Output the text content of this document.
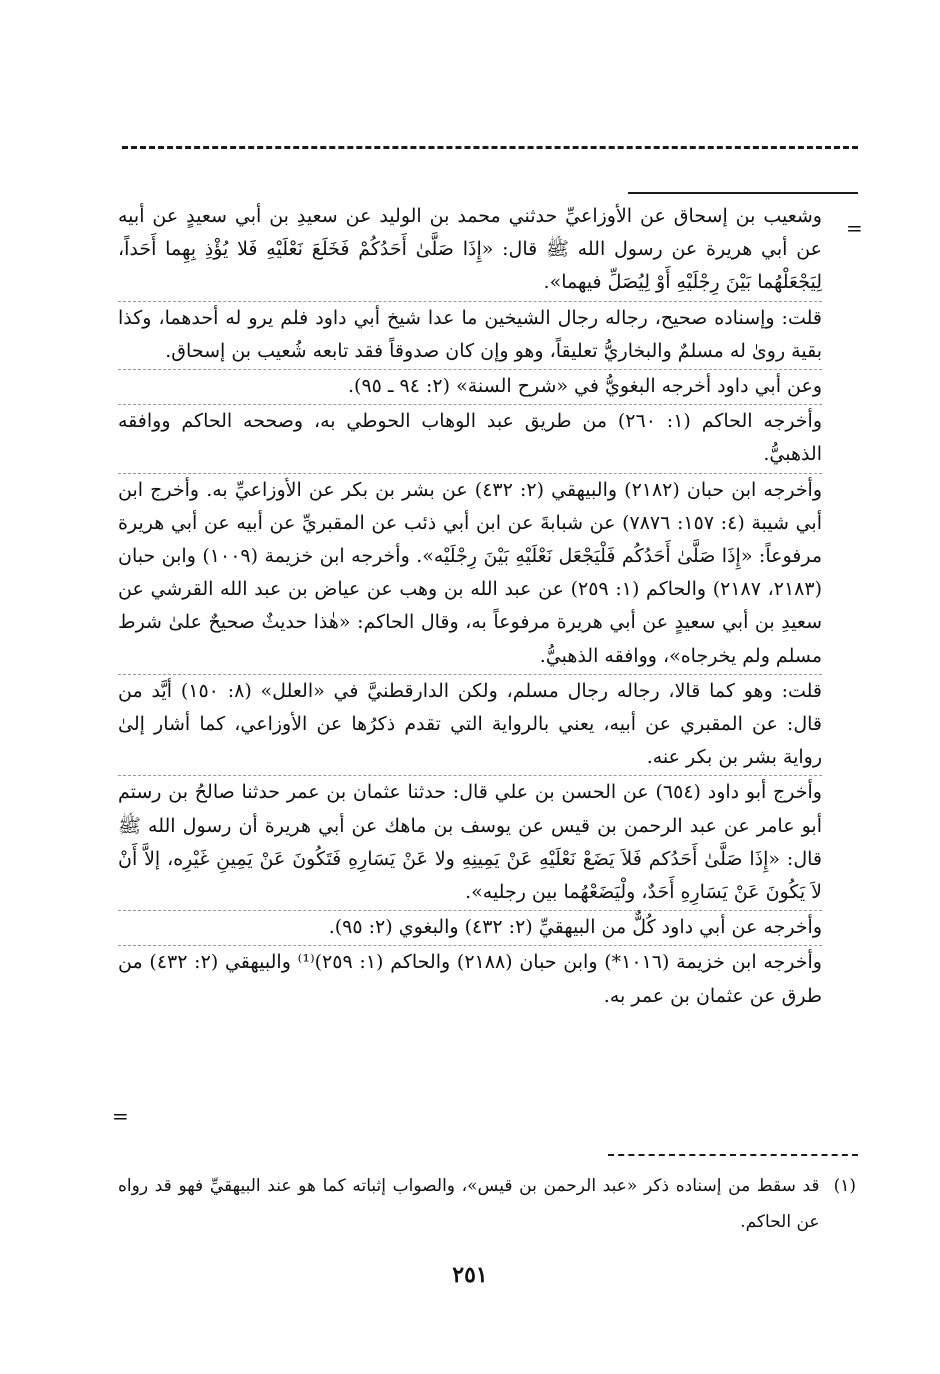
=

وشعيب بن إسحاق عن الأوزاعيِّ حدثني محمد بن الوليد عن سعيدِ بن أبي سعيدٍ عن أبيه عن أبي هريرة عن رسول الله ﷺ قال: «إِذَا صَلَّىٰ أَحَدُكُمْ فَخَلَعَ نَعْلَيْهِ فَلا يُؤْذِ بِهِما أَحَداً، لِيَجْعَلْهُما بَيْنَ رِجْلَيْهِ أَوْ لِيُصَلِّ فيهما».

قلت: وإسناده صحيح، رجاله رجال الشيخين ما عدا شيخ أبي داود فلم يرو له أحدهما، وكذا بقية روىٰ له مسلمٌ والبخاريُّ تعليقاً، وهو وإن كان صدوقاً فقد تابعه شُعيب بن إسحاق.

وعن أبي داود أخرجه البغويُّ في «شرح السنة» (٢: ٩٤ ـ ٩٥).

وأخرجه الحاكم (١: ٢٦٠) من طريق عبد الوهاب الحوطي به، وصححه الحاكم ووافقه الذهبيُّ.

وأخرجه ابن حبان (٢١٨٢) والبيهقي (٢: ٤٣٢) عن بشر بن بكر عن الأوزاعيِّ به. وأخرج ابن أبي شيبة (٤: ١٥٧: ٧٨٧٦) عن شبابةَ عن ابن أبي ذئب عن المقبريِّ عن أبيه عن أبي هريرة مرفوعاً: «إِذَا صَلَّىٰ أَحَدُكُم فَلْيَجْعَل نَعْلَيْهِ بَيْنَ رِجْلَيْه». وأخرجه ابن خزيمة (١٠٠٩) وابن حبان (٢١٨٣، ٢١٨٧) والحاكم (١: ٢٥٩) عن عبد الله بن وهب عن عياض بن عبد الله القرشي عن سعيدِ بن أبي سعيدٍ عن أبي هريرة مرفوعاً به، وقال الحاكم: «هٰذا حديثٌ صحيحٌ علىٰ شرط مسلم ولم يخرجاه»، ووافقه الذهبيُّ.

قلت: وهو كما قالا، رجاله رجال مسلم، ولكن الدارقطنيَّ في «العلل» (٨: ١٥٠) أيَّد من قال: عن المقبري عن أبيه، يعني بالرواية التي تقدم ذكرُها عن الأوزاعي، كما أشار إلىٰ رواية بشر بن بكر عنه.

وأخرج أبو داود (٦٥٤) عن الحسن بن علي قال: حدثنا عثمان بن عمر حدثنا صالحُ بن رستم أبو عامر عن عبد الرحمن بن قيس عن يوسف بن ماهك عن أبي هريرة أن رسول الله ﷺ قال: «إِذَا صَلَّىٰ أَحَدُكم فَلاَ يَضَعْ نَعْلَيْهِ عَنْ يَمِينِهِ ولا عَنْ يَسَارِهِ فَتَكُونَ عَنْ يَمِينِ غَيْرِه، إلاَّ أَنْ لاَ يَكُونَ عَنْ يَسَارِهِ أَحَدٌ، ولْيَضَعْهُما بين رجليه».

وأخرجه عن أبي داود كُلٌّ من البيهقيِّ (٢: ٤٣٢) والبغوي (٢: ٩٥).

وأخرجه ابن خزيمة (١٠١٦*) وابن حبان (٢١٨٨) والحاكم (١: ٢٥٩)⁽¹⁾ والبيهقي (٢: ٤٣٢) من طرق عن عثمان بن عمر به.

=
(١)
قد سقط من إسناده ذكر «عبد الرحمن بن قيس»، والصواب إثباته كما هو عند البيهقيِّ فهو قد رواه عن الحاكم.
٢٥١
